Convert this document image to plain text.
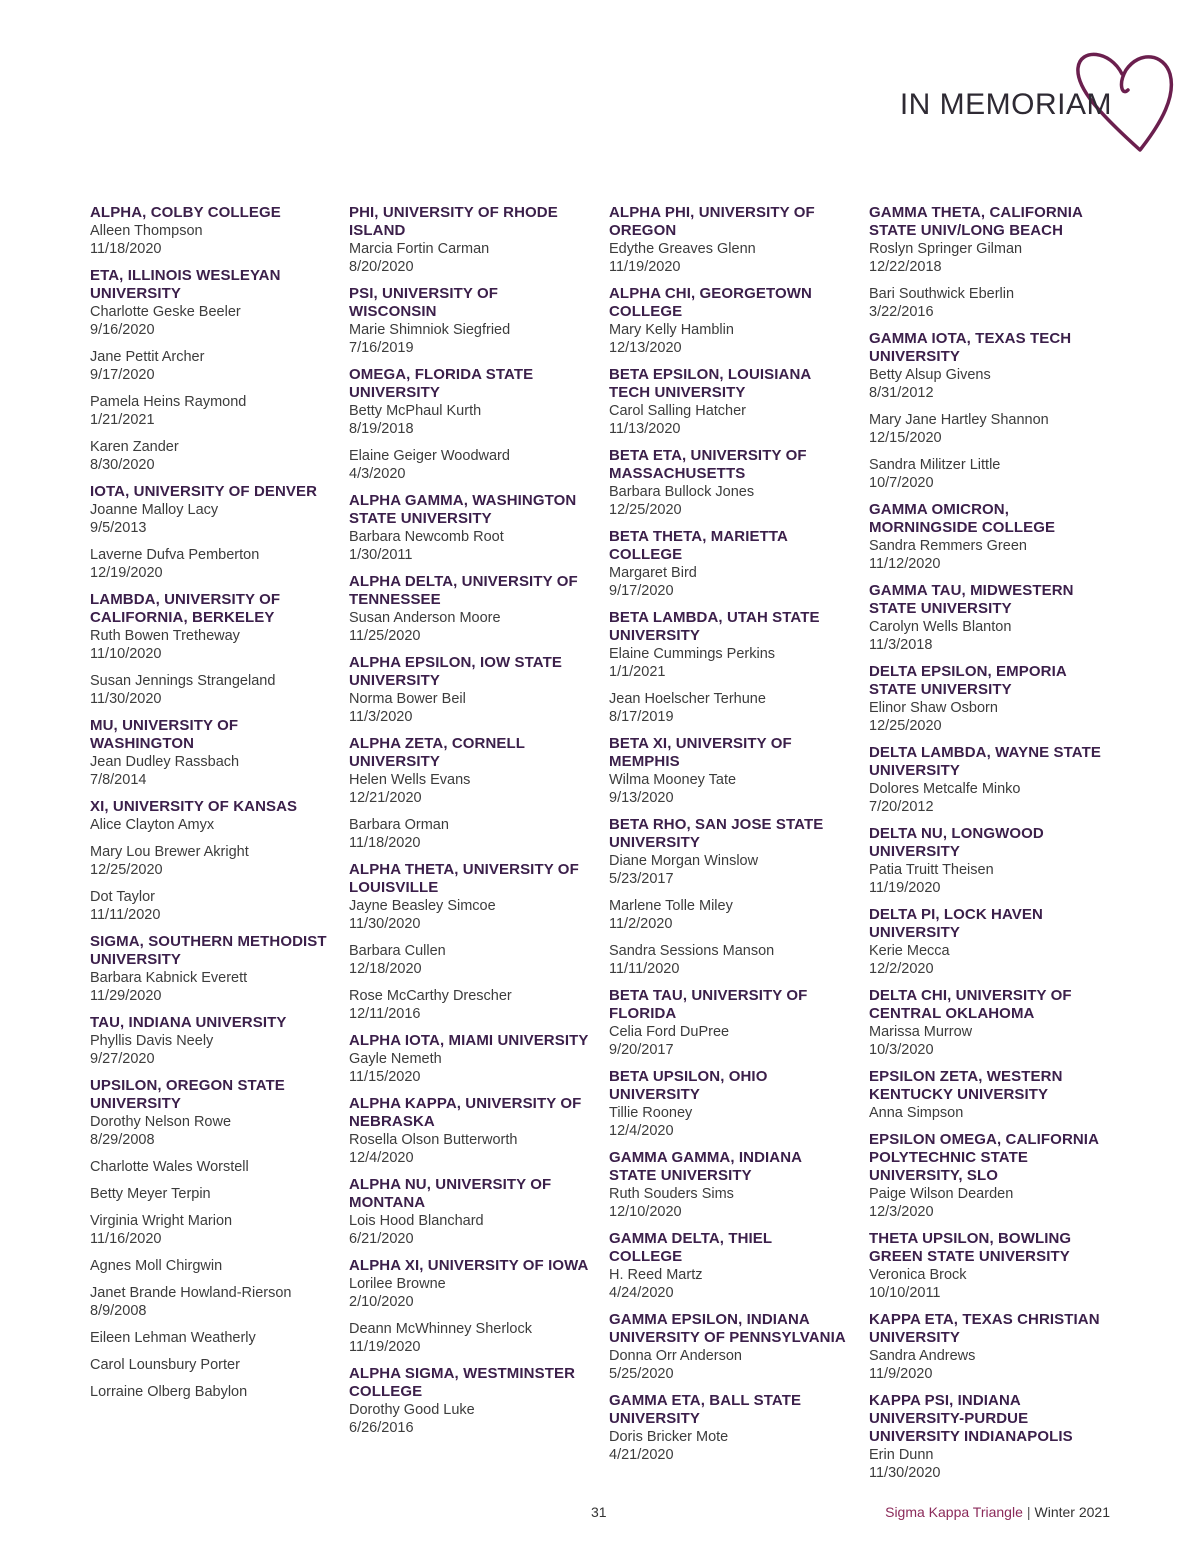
IN MEMORIAM
ALPHA, COLBY COLLEGE
Alleen Thompson
11/18/2020
ETA, ILLINOIS WESLEYAN UNIVERSITY
Charlotte Geske Beeler
9/16/2020
Jane Pettit Archer
9/17/2020
Pamela Heins Raymond
1/21/2021
Karen Zander
8/30/2020
IOTA, UNIVERSITY OF DENVER
Joanne Malloy Lacy
9/5/2013
Laverne Dufva Pemberton
12/19/2020
LAMBDA, UNIVERSITY OF CALIFORNIA, BERKELEY
Ruth Bowen Tretheway
11/10/2020
Susan Jennings Strangeland
11/30/2020
MU, UNIVERSITY OF WASHINGTON
Jean Dudley Rassbach
7/8/2014
XI, UNIVERSITY OF KANSAS
Alice Clayton Amyx
Mary Lou Brewer Akright
12/25/2020
Dot Taylor
11/11/2020
SIGMA, SOUTHERN METHODIST UNIVERSITY
Barbara Kabnick Everett
11/29/2020
TAU, INDIANA UNIVERSITY
Phyllis Davis Neely
9/27/2020
UPSILON, OREGON STATE UNIVERSITY
Dorothy Nelson Rowe
8/29/2008
Charlotte Wales Worstell
Betty Meyer Terpin
Virginia Wright Marion
11/16/2020
Agnes Moll Chirgwin
Janet Brande Howland-Rierson
8/9/2008
Eileen Lehman Weatherly
Carol Lounsbury Porter
Lorraine Olberg Babylon
PHI, UNIVERSITY OF RHODE ISLAND
Marcia Fortin Carman
8/20/2020
PSI, UNIVERSITY OF WISCONSIN
Marie Shimniok Siegfried
7/16/2019
OMEGA, FLORIDA STATE UNIVERSITY
Betty McPhaul Kurth
8/19/2018
Elaine Geiger Woodward
4/3/2020
ALPHA GAMMA, WASHINGTON STATE UNIVERSITY
Barbara Newcomb Root
1/30/2011
ALPHA DELTA, UNIVERSITY OF TENNESSEE
Susan Anderson Moore
11/25/2020
ALPHA EPSILON, IOW STATE UNIVERSITY
Norma Bower Beil
11/3/2020
ALPHA ZETA, CORNELL UNIVERSITY
Helen Wells Evans
12/21/2020
Barbara Orman
11/18/2020
ALPHA THETA, UNIVERSITY OF LOUISVILLE
Jayne Beasley Simcoe
11/30/2020
Barbara Cullen
12/18/2020
Rose McCarthy Drescher
12/11/2016
ALPHA IOTA, MIAMI UNIVERSITY
Gayle Nemeth
11/15/2020
ALPHA KAPPA, UNIVERSITY OF NEBRASKA
Rosella Olson Butterworth
12/4/2020
ALPHA NU, UNIVERSITY OF MONTANA
Lois Hood Blanchard
6/21/2020
ALPHA XI, UNIVERSITY OF IOWA
Lorilee Browne
2/10/2020
Deann McWhinney Sherlock
11/19/2020
ALPHA SIGMA, WESTMINSTER COLLEGE
Dorothy Good Luke
6/26/2016
ALPHA PHI, UNIVERSITY OF OREGON
Edythe Greaves Glenn
11/19/2020
ALPHA CHI, GEORGETOWN COLLEGE
Mary Kelly Hamblin
12/13/2020
BETA EPSILON, LOUISIANA TECH UNIVERSITY
Carol Salling Hatcher
11/13/2020
BETA ETA, UNIVERSITY OF MASSACHUSETTS
Barbara Bullock Jones
12/25/2020
BETA THETA, MARIETTA COLLEGE
Margaret Bird
9/17/2020
BETA LAMBDA, UTAH STATE UNIVERSITY
Elaine Cummings Perkins
1/1/2021
Jean Hoelscher Terhune
8/17/2019
BETA XI, UNIVERSITY OF MEMPHIS
Wilma Mooney Tate
9/13/2020
BETA RHO, SAN JOSE STATE UNIVERSITY
Diane Morgan Winslow
5/23/2017
Marlene Tolle Miley
11/2/2020
Sandra Sessions Manson
11/11/2020
BETA TAU, UNIVERSITY OF FLORIDA
Celia Ford DuPree
9/20/2017
BETA UPSILON, OHIO UNIVERSITY
Tillie Rooney
12/4/2020
GAMMA GAMMA, INDIANA STATE UNIVERSITY
Ruth Souders Sims
12/10/2020
GAMMA DELTA, THIEL COLLEGE
H. Reed Martz
4/24/2020
GAMMA EPSILON, INDIANA UNIVERSITY OF PENNSYLVANIA
Donna Orr Anderson
5/25/2020
GAMMA ETA, BALL STATE UNIVERSITY
Doris Bricker Mote
4/21/2020
GAMMA THETA, CALIFORNIA STATE UNIV/LONG BEACH
Roslyn Springer Gilman
12/22/2018
Bari Southwick Eberlin
3/22/2016
GAMMA IOTA, TEXAS TECH UNIVERSITY
Betty Alsup Givens
8/31/2012
Mary Jane Hartley Shannon
12/15/2020
Sandra Militzer Little
10/7/2020
GAMMA OMICRON, MORNINGSIDE COLLEGE
Sandra Remmers Green
11/12/2020
GAMMA TAU, MIDWESTERN STATE UNIVERSITY
Carolyn Wells Blanton
11/3/2018
DELTA EPSILON, EMPORIA STATE UNIVERSITY
Elinor Shaw Osborn
12/25/2020
DELTA LAMBDA, WAYNE STATE UNIVERSITY
Dolores Metcalfe Minko
7/20/2012
DELTA NU, LONGWOOD UNIVERSITY
Patia Truitt Theisen
11/19/2020
DELTA PI, LOCK HAVEN UNIVERSITY
Kerie Mecca
12/2/2020
DELTA CHI, UNIVERSITY OF CENTRAL OKLAHOMA
Marissa Murrow
10/3/2020
EPSILON ZETA, WESTERN KENTUCKY UNIVERSITY
Anna Simpson
EPSILON OMEGA, CALIFORNIA POLYTECHNIC STATE UNIVERSITY, SLO
Paige Wilson Dearden
12/3/2020
THETA UPSILON, BOWLING GREEN STATE UNIVERSITY
Veronica Brock
10/10/2011
KAPPA ETA, TEXAS CHRISTIAN UNIVERSITY
Sandra Andrews
11/9/2020
KAPPA PSI, INDIANA UNIVERSITY-PURDUE UNIVERSITY INDIANAPOLIS
Erin Dunn
11/30/2020
31	Sigma Kappa Triangle | Winter 2021
